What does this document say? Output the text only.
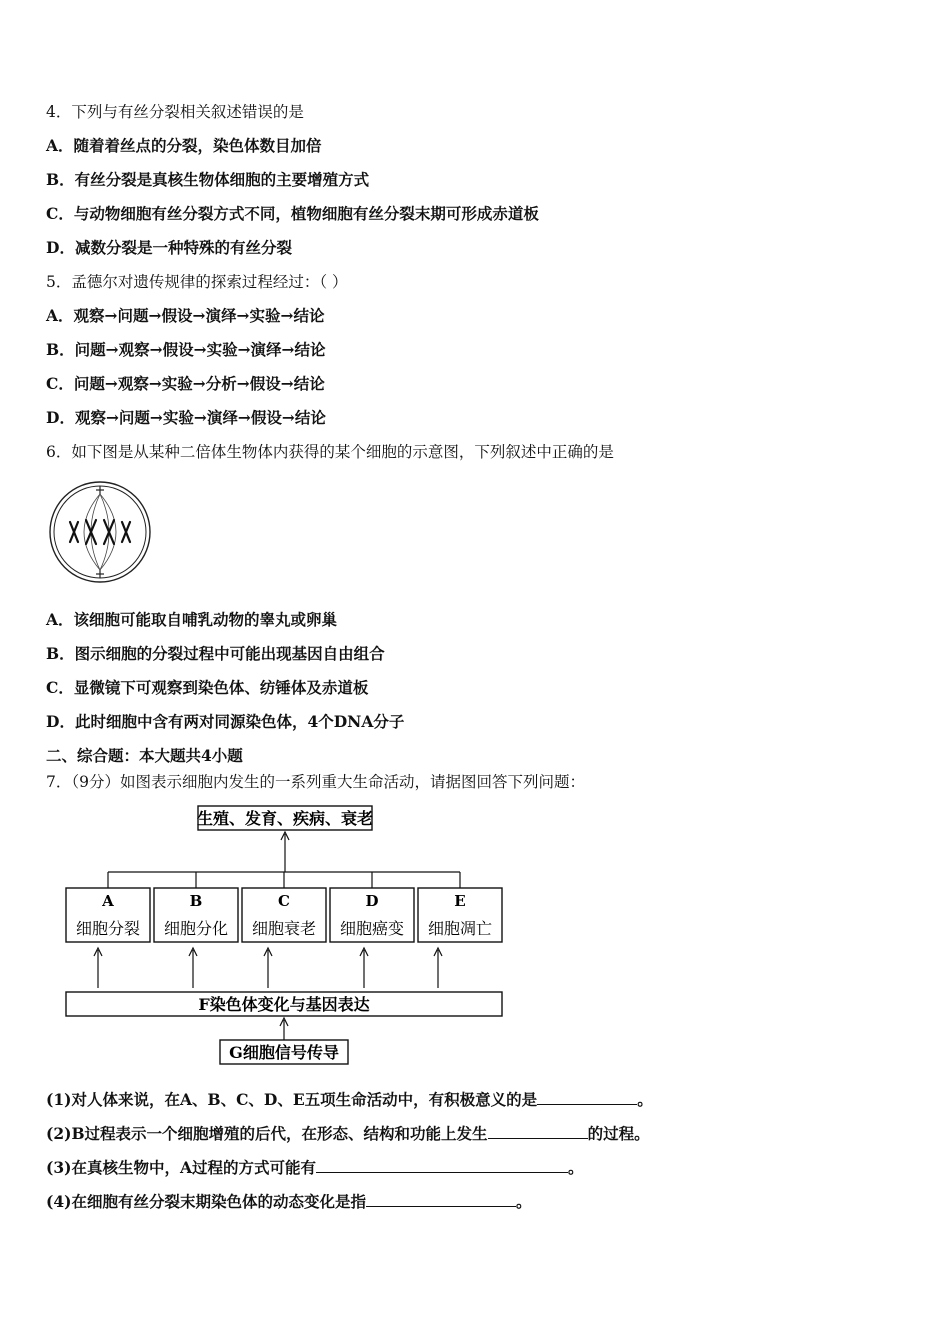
4．下列与有丝分裂相关叙述错误的是
A．随着着丝点的分裂，染色体数目加倍
B．有丝分裂是真核生物体细胞的主要增殖方式
C．与动物细胞有丝分裂方式不同，植物细胞有丝分裂末期可形成赤道板
D．减数分裂是一种特殊的有丝分裂
5．孟德尔对遗传规律的探索过程经过：（ ）
A．观察→问题→假设→演绎→实验→结论
B．问题→观察→假设→实验→演绎→结论
C．问题→观察→实验→分析→假设→结论
D．观察→问题→实验→演绎→假设→结论
6．如下图是从某种二倍体生物体内获得的某个细胞的示意图，下列叙述中正确的是
A．该细胞可能取自哺乳动物的睾丸或卵巢
B．图示细胞的分裂过程中可能出现基因自由组合
C．显微镜下可观察到染色体、纺锤体及赤道板
D．此时细胞中含有两对同源染色体，4个DNA分子
二、综合题：本大题共4小题
7．（9分）如图表示细胞内发生的一系列重大生命活动，请据图回答下列问题：
生殖、发育、疾病、衰老
A
细胞分裂
B
细胞分化
C
细胞衰老
D
细胞癌变
E
细胞凋亡
F染色体变化与基因表达
G细胞信号传导
(1)对人体来说，在A、B、C、D、E五项生命活动中，有积极意义的是	。
(2)B过程表示一个细胞增殖的后代，在形态、结构和功能上发生	的过程。
(3)在真核生物中，A过程的方式可能有	。
(4)在细胞有丝分裂末期染色体的动态变化是指	。
